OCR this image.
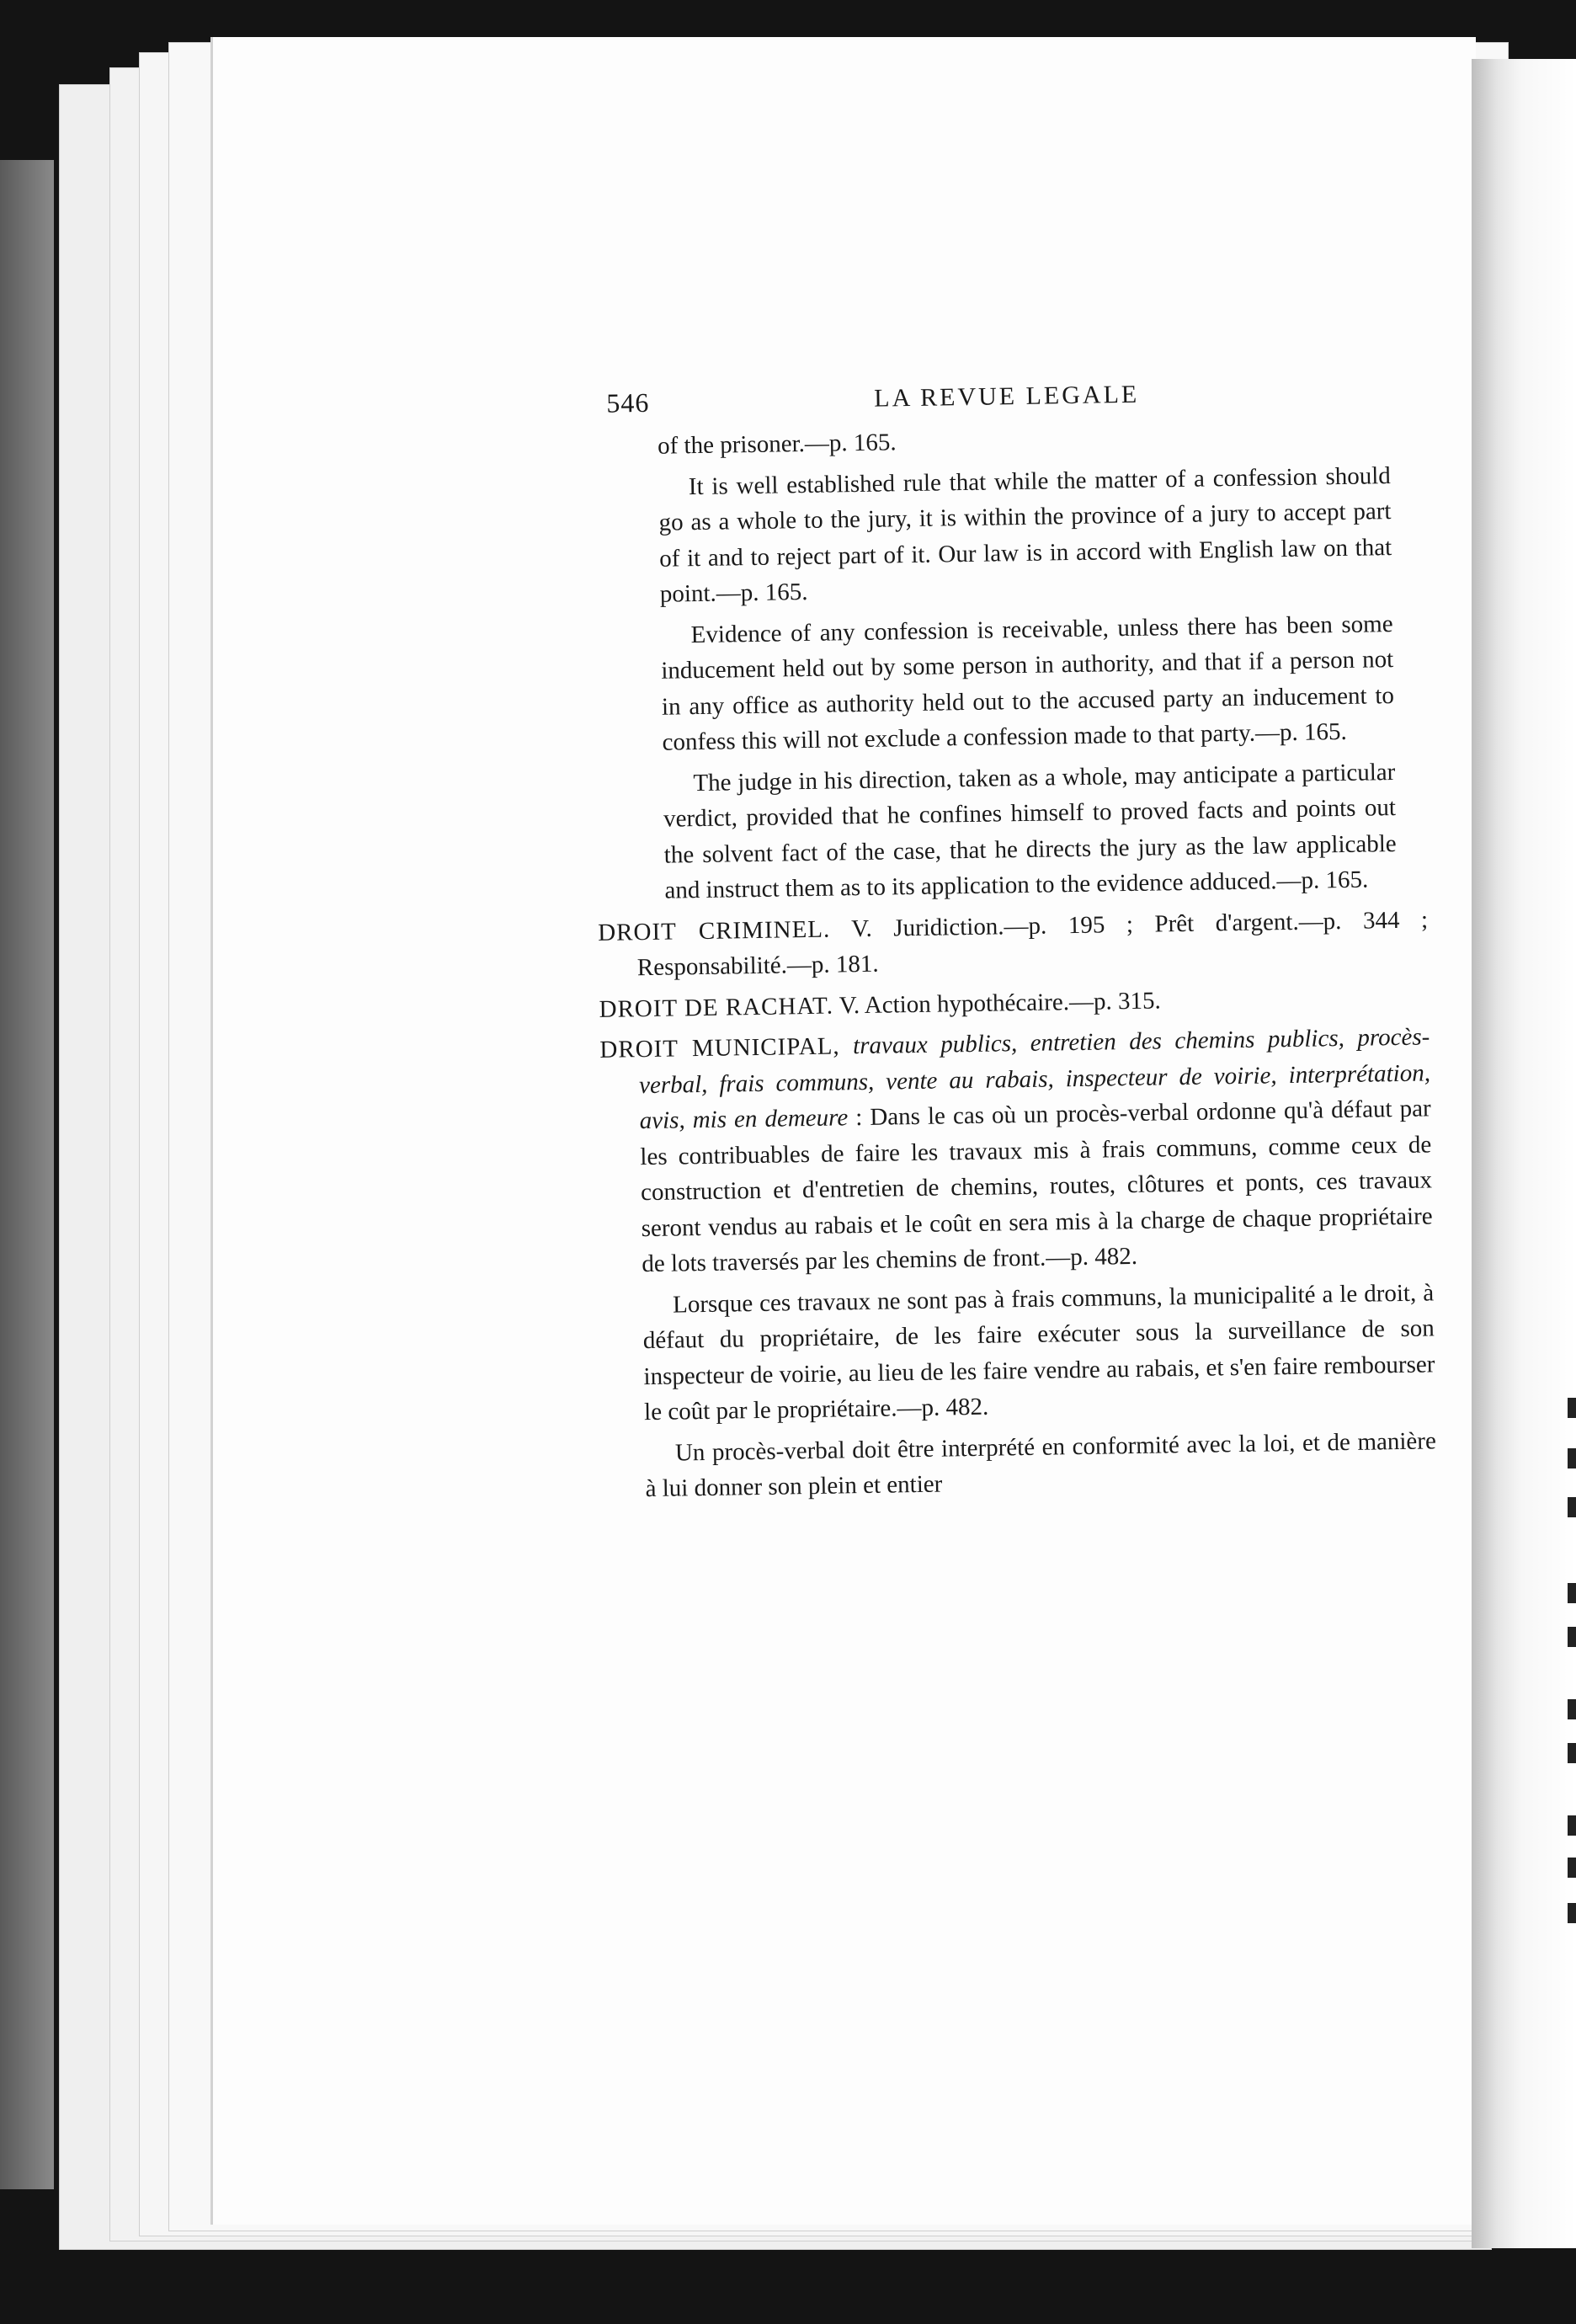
546	LA REVUE LEGALE

of the prisoner.—p. 165.

It is well established rule that while the matter of a confession should go as a whole to the jury, it is within the province of a jury to accept part of it and to reject part of it. Our law is in accord with English law on that point.—p. 165.

Evidence of any confession is receivable, unless there has been some inducement held out by some person in authority, and that if a person not in any office as authority held out to the accused party an inducement to confess this will not exclude a confession made to that party.—p. 165.

The judge in his direction, taken as a whole, may anticipate a particular verdict, provided that he confines himself to proved facts and points out the solvent fact of the case, that he directs the jury as the law applicable and instruct them as to its application to the evidence adduced.—p. 165.

DROIT CRIMINEL. V. Juridiction.—p. 195 ; Prêt d'argent.—p. 344 ; Responsabilité.—p. 181.

DROIT DE RACHAT. V. Action hypothécaire.—p. 315.

DROIT MUNICIPAL, travaux publics, entretien des chemins publics, procès-verbal, frais communs, vente au rabais, inspecteur de voirie, interprétation, avis, mis en demeure : Dans le cas où un procès-verbal ordonne qu'à défaut par les contribuables de faire les travaux mis à frais communs, comme ceux de construction et d'entretien de chemins, routes, clôtures et ponts, ces travaux seront vendus au rabais et le coût en sera mis à la charge de chaque propriétaire de lots traversés par les chemins de front.—p. 482.

Lorsque ces travaux ne sont pas à frais communs, la municipalité a le droit, à défaut du propriétaire, de les faire exécuter sous la surveillance de son inspecteur de voirie, au lieu de les faire vendre au rabais, et s'en faire rembourser le coût par le propriétaire.—p. 482.

Un procès-verbal doit être interprété en conformité avec la loi, et de manière à lui donner son plein et entier
